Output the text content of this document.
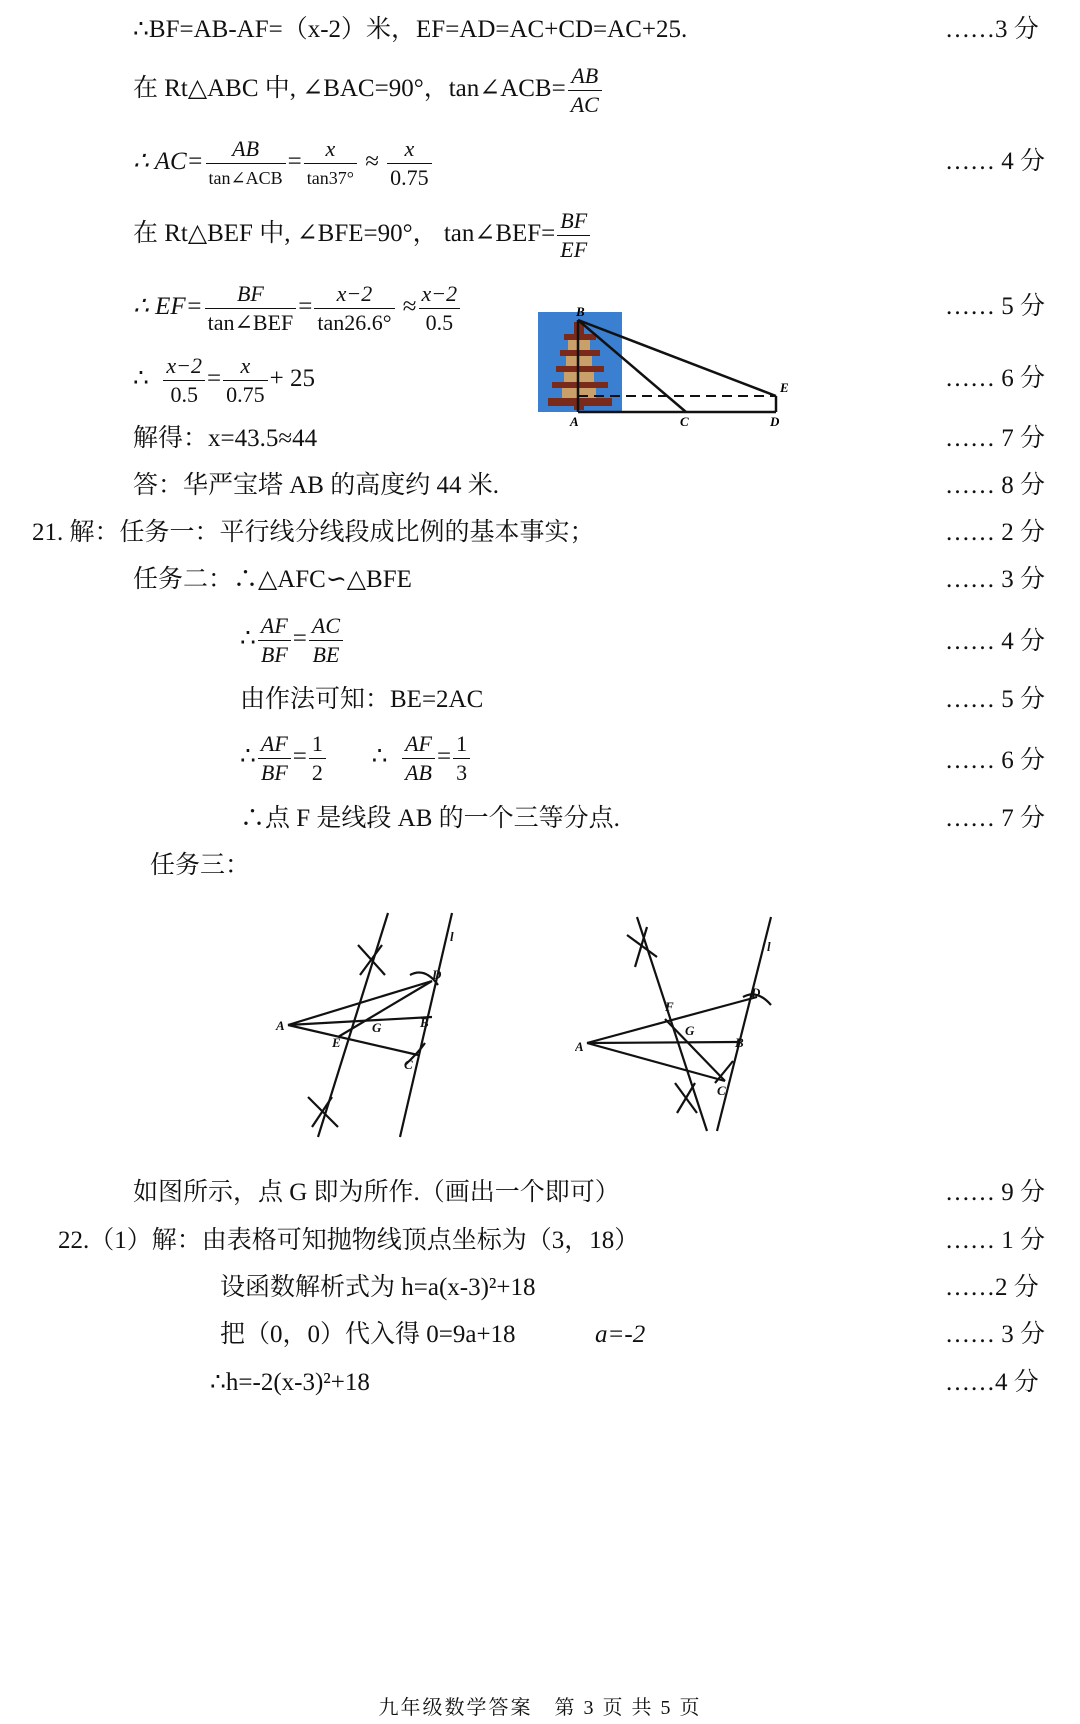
∴BF=AB-AF=（x-2）米，EF=AD=AC+CD=AC+25.	……3 分
在 Rt△ABC 中, ∠BAC=90°，tan∠ACB= $\frac{AB}{AC}$
∴ $AC= \frac{AB}{\text{tan∠ACB}} = \frac{x}{\tan 37^\circ} \approx \frac{x}{0.75}$	…… 4 分
在 Rt△BEF 中, ∠BFE=90°， tan∠BEF= $\frac{BF}{EF}$
∴ $EF= \frac{BF}{\text{tan∠BEF}} = \frac{x-2}{\tan 26.6^\circ} \approx \frac{x-2}{0.5}$	…… 5 分
∴ $\frac{x-2}{0.5} = \frac{x}{0.75} + 25$	…… 6 分
B
A	C	D
E
解得：x=43.5≈44	…… 7 分
答：华严宝塔 AB 的高度约 44 米.	…… 8 分
21. 解：任务一：平行线分线段成比例的基本事实；	…… 2 分
任务二：∴△AFC∽△BFE	…… 3 分
∴ $\frac{AF}{BF} = \frac{AC}{BE}$	…… 4 分
由作法可知：BE=2AC	…… 5 分
∴ $\frac{AF}{BF} = \frac{1}{2}$ ∴ $\frac{AF}{AB} = \frac{1}{3}$	…… 6 分
∴点 F 是线段 AB 的一个三等分点.	…… 7 分
任务三：
A	B
C
D
E
G
l
A	B
C
D
F
G
l
如图所示，点 G 即为所作.（画出一个即可）	…… 9 分
22.（1）解：由表格可知抛物线顶点坐标为（3，18）	…… 1 分
设函数解析式为 h=a(x-3)²+18	……2 分
把（0，0）代入得 0=9a+18	a=-2	…… 3 分
∴h=-2(x-3)²+18	……4 分
九年级数学答案　第 3 页 共 5 页
